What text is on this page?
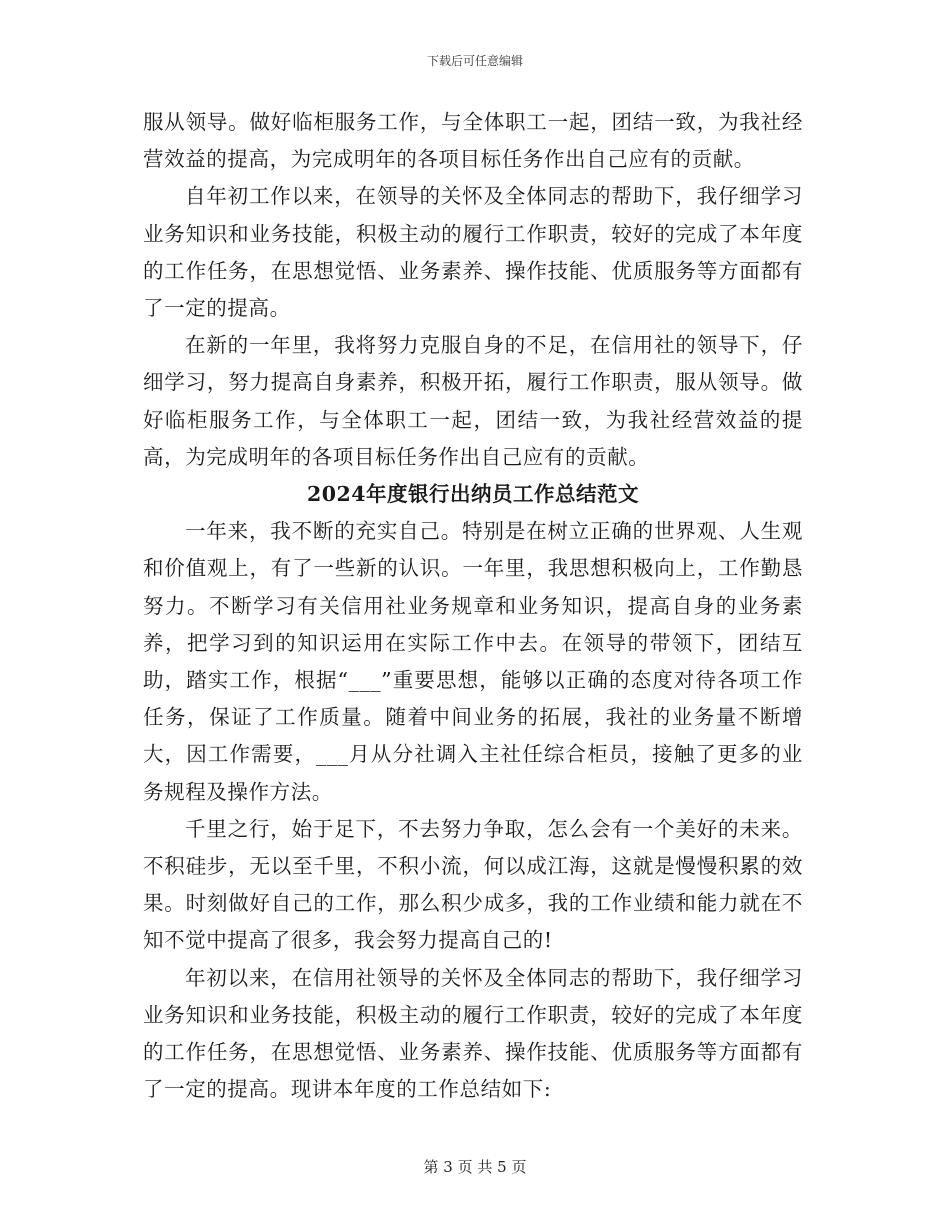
下载后可任意编辑

服从领导。做好临柜服务工作，与全体职工一起，团结一致，为我社经营效益的提高，为完成明年的各项目标任务作出自己应有的贡献。

自年初工作以来，在领导的关怀及全体同志的帮助下，我仔细学习业务知识和业务技能，积极主动的履行工作职责，较好的完成了本年度的工作任务，在思想觉悟、业务素养、操作技能、优质服务等方面都有了一定的提高。

在新的一年里，我将努力克服自身的不足，在信用社的领导下，仔细学习，努力提高自身素养，积极开拓，履行工作职责，服从领导。做好临柜服务工作，与全体职工一起，团结一致，为我社经营效益的提高，为完成明年的各项目标任务作出自己应有的贡献。

2024年度银行出纳员工作总结范文

一年来，我不断的充实自己。特别是在树立正确的世界观、人生观和价值观上，有了一些新的认识。一年里，我思想积极向上，工作勤恳努力。不断学习有关信用社业务规章和业务知识，提高自身的业务素养，把学习到的知识运用在实际工作中去。在领导的带领下，团结互助，踏实工作，根据“___”重要思想，能够以正确的态度对待各项工作任务，保证了工作质量。随着中间业务的拓展，我社的业务量不断增大，因工作需要，___月从分社调入主社任综合柜员，接触了更多的业务规程及操作方法。

千里之行，始于足下，不去努力争取，怎么会有一个美好的未来。不积硅步，无以至千里，不积小流，何以成江海，这就是慢慢积累的效果。时刻做好自己的工作，那么积少成多，我的工作业绩和能力就在不知不觉中提高了很多，我会努力提高自己的!

年初以来，在信用社领导的关怀及全体同志的帮助下，我仔细学习业务知识和业务技能，积极主动的履行工作职责，较好的完成了本年度的工作任务，在思想觉悟、业务素养、操作技能、优质服务等方面都有了一定的提高。现讲本年度的工作总结如下:

第 3 页 共 5 页
